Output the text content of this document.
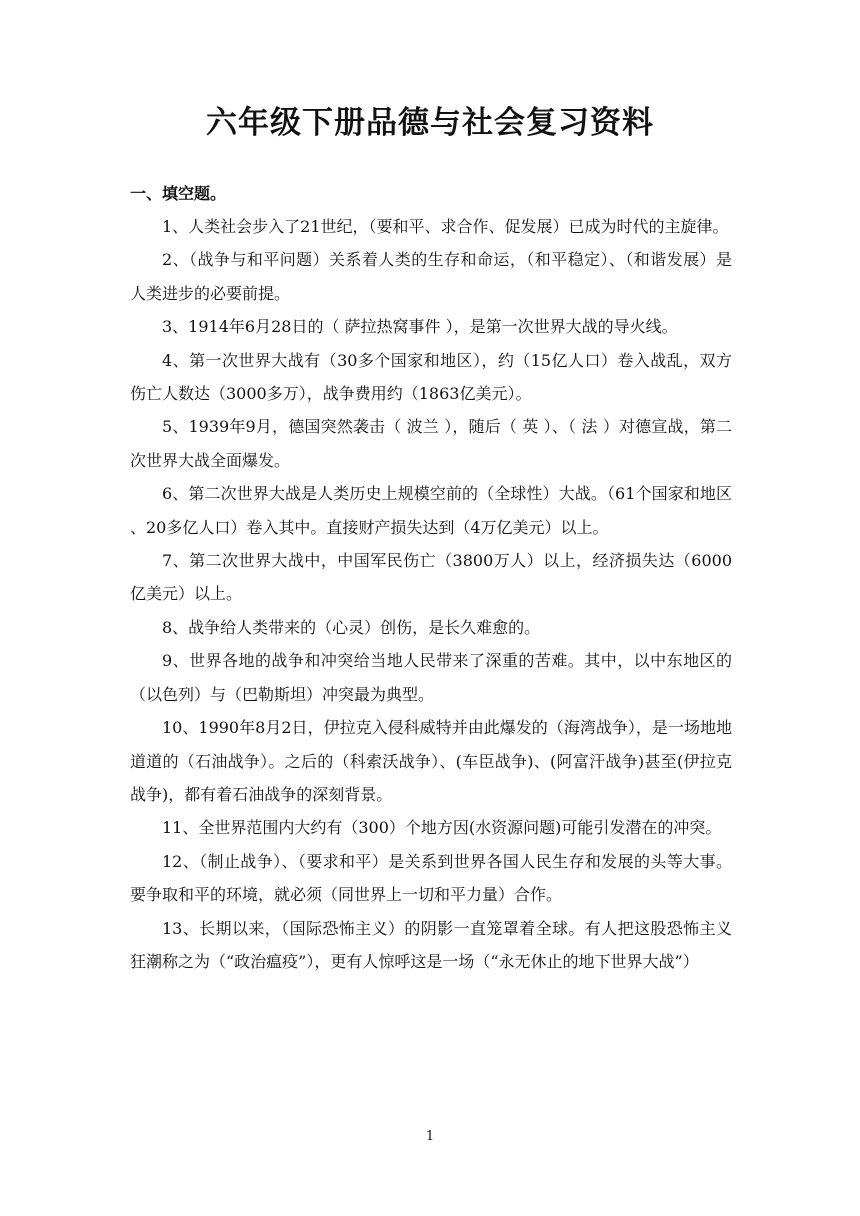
六年级下册品德与社会复习资料
一、填空题。

1、人类社会步入了21世纪，（要和平、求合作、促发展）已成为时代的主旋律。

2、（战争与和平问题）关系着人类的生存和命运，（和平稳定）、（和谐发展）是人类进步的必要前提。

3、1914年6月28日的（ 萨拉热窝事件 ），是第一次世界大战的导火线。

4、第一次世界大战有（30多个国家和地区），约（15亿人口）卷入战乱，双方伤亡人数达（3000多万），战争费用约（1863亿美元）。

5、1939年9月，德国突然袭击（ 波兰 ），随后（ 英 ）、（ 法 ）对德宣战，第二次世界大战全面爆发。

6、第二次世界大战是人类历史上规模空前的（全球性）大战。（61个国家和地区、20多亿人口）卷入其中。直接财产损失达到（4万亿美元）以上。

7、第二次世界大战中，中国军民伤亡（3800万人）以上，经济损失达（6000亿美元）以上。

8、战争给人类带来的（心灵）创伤，是长久难愈的。

9、世界各地的战争和冲突给当地人民带来了深重的苦难。其中，以中东地区的（以色列）与（巴勒斯坦）冲突最为典型。

10、1990年8月2日，伊拉克入侵科威特并由此爆发的（海湾战争），是一场地地道道的（石油战争）。之后的（科索沃战争）、(车臣战争)、(阿富汗战争)甚至(伊拉克战争)，都有着石油战争的深刻背景。

11、全世界范围内大约有（300）个地方因(水资源问题)可能引发潜在的冲突。

12、（制止战争）、（要求和平）是关系到世界各国人民生存和发展的头等大事。要争取和平的环境，就必须（同世界上一切和平力量）合作。

13、长期以来，（国际恐怖主义）的阴影一直笼罩着全球。有人把这股恐怖主义狂潮称之为（“政治瘟疫”），更有人惊呼这是一场（“永无休止的地下世界大战”）

1
